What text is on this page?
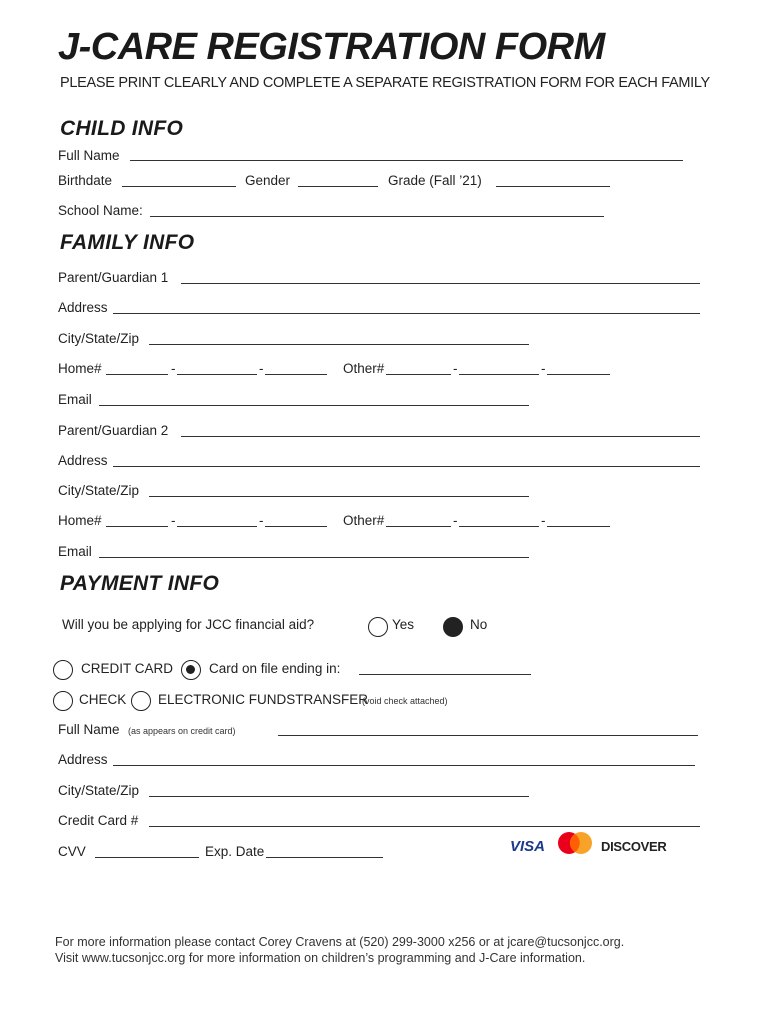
J-CARE REGISTRATION FORM
PLEASE PRINT CLEARLY AND COMPLETE A SEPARATE REGISTRATION FORM FOR EACH FAMILY
CHILD INFO
Full Name
Birthdate	Gender	Grade (Fall ’21)
School Name:
FAMILY INFO
Parent/Guardian 1
Address
City/State/Zip
Home#	-	-	Other#	-	-
Email
Parent/Guardian 2
Address
City/State/Zip
Home#	-	-	Other#	-	-
Email
PAYMENT INFO
Will you be applying for JCC financial aid?	Yes	No
CREDIT CARD	Card on file ending in:
CHECK ELECTRONIC FUNDSTRANSFER
(void check attached)
Full Name (as appears on credit card)
Address
City/State/Zip
Credit Card #
CVV	Exp. Date	VISA	DISCOVER
For more information please contact Corey Cravens at (520) 299-3000 x256 or at jcare@tucsonjcc.org.
Visit www.tucsonjcc.org for more information on children’s programming and J-Care information.
